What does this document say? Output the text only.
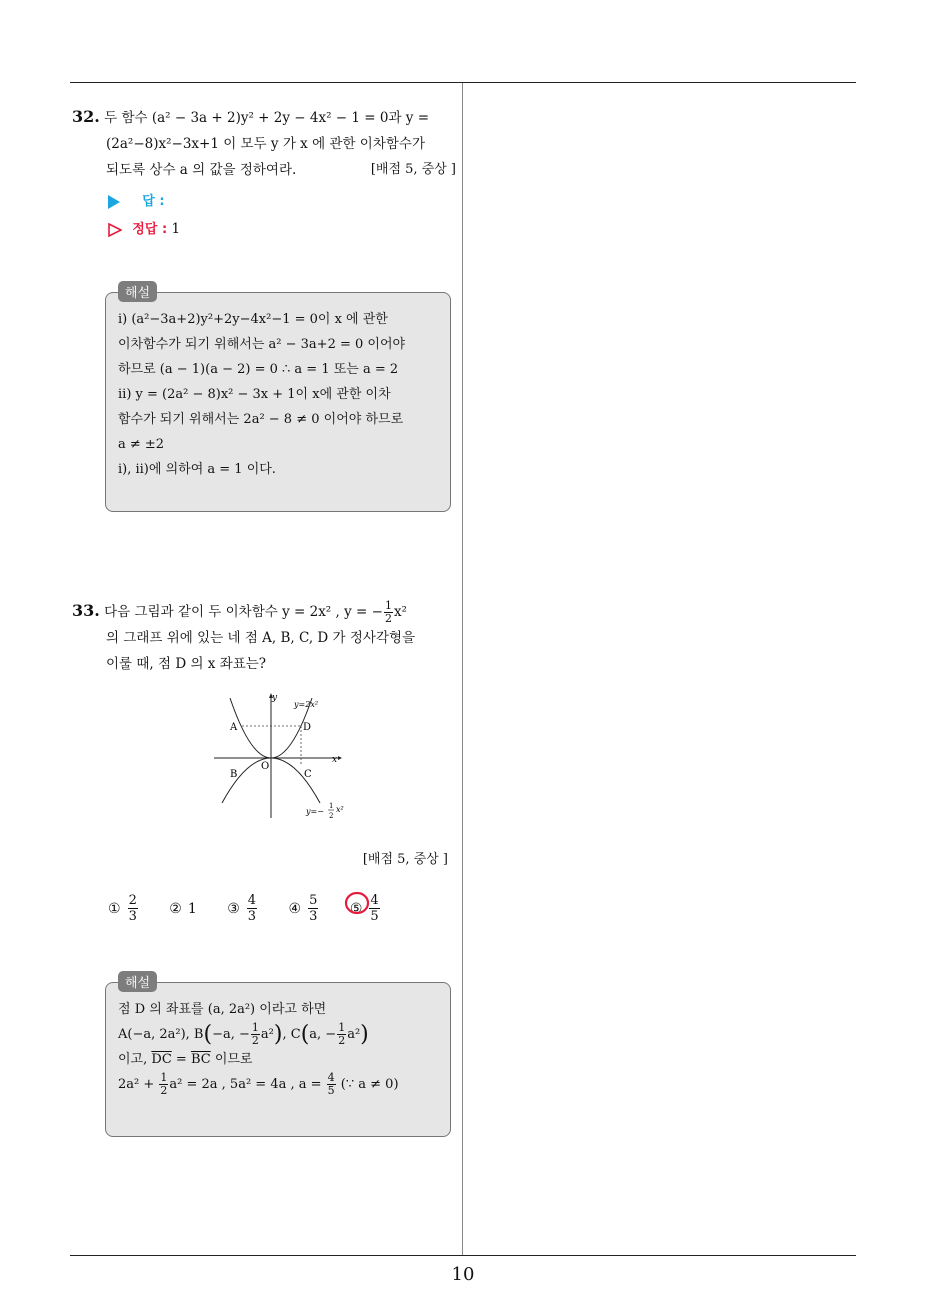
32. 두 함수 (a² − 3a + 2)y² + 2y − 4x² − 1 = 0과 y =
(2a²−8)x²−3x+1 이 모두 y 가 x 에 관한 이차함수가
되도록 상수 a 의 값을 정하여라.	[배점 5, 중상 ]
답 :
정답 : 1
ⅰ) (a²−3a+2)y²+2y−4x²−1 = 0이 x 에 관한
이차함수가 되기 위해서는 a² − 3a+2 = 0 이어야
하므로 (a − 1)(a − 2) = 0 ∴ a = 1 또는 a = 2
ⅱ) y = (2a² − 8)x² − 3x + 1이 x에 관한 이차
함수가 되기 위해서는 2a² − 8 ≠ 0 이어야 하므로
a ≠ ±2
ⅰ), ⅱ)에 의하여 a = 1 이다.
해설
33. 다음 그림과 같이 두 이차함수 y = 2x² , y = − $\frac{1}{2} x^2$
의 그래프 위에 있는 네 점 A, B, C, D 가 정사각형을
이룰 때, 점 D 의 x 좌표는?
y
x
O
A	D
B	C
y=2x²
y=−
1
2
x²
[배점 5, 중상 ]
① $\frac{2}{3}$ ② 1 ③ $\frac{4}{3}$ ④ $\frac{5}{3}$
⑤ $\frac{4}{5}$
점 D 의 좌표를 (a, 2a²) 이라고 하면
A(−a, 2a²), B(−a, − $\frac{1}{2} a^2$), C(a, − $\frac{1}{2} a^2$)
이고, $\overline{DC} = \overline{BC}$ 이므로
$2a^2 + \frac{1}{2} a^2 = 2a$ , 5a² = 4a , $a = \frac{4}{5}$ (∵ a ≠ 0)
해설
10
